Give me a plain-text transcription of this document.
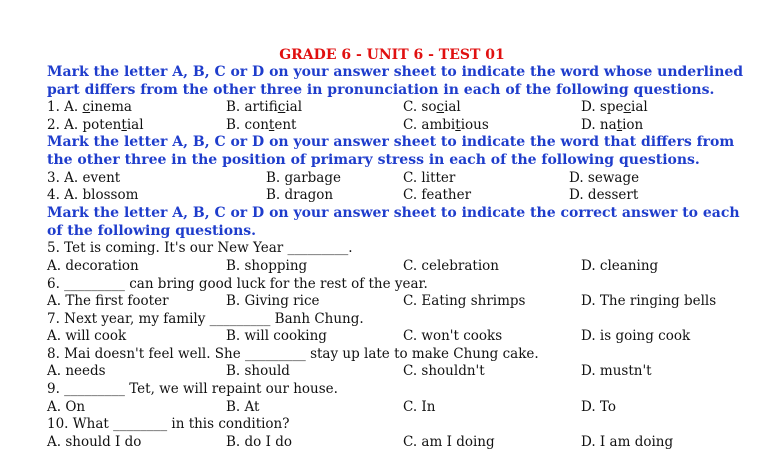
GRADE 6 - UNIT 6 - TEST 01
Mark the letter A, B, C or D on your answer sheet to indicate the word whose underlined part differs from the other three in pronunciation in each of the following questions.
1. A. cinema	B. artificial	C. social	D. special
2. A. potential	B. content	C. ambitious	D. nation
Mark the letter A, B, C or D on your answer sheet to indicate the word that differs from the other three in the position of primary stress in each of the following questions.
3. A. event	B. garbage	C. litter	D. sewage
4. A. blossom	B. dragon	C. feather	D. dessert
Mark the letter A, B, C or D on your answer sheet to indicate the correct answer to each of the following questions.
5. Tet is coming. It's our New Year _________.
A. decoration	B. shopping	C. celebration	D. cleaning
6. _________ can bring good luck for the rest of the year.
A. The first footer	B. Giving rice	C. Eating shrimps	D. The ringing bells
7. Next year, my family _________ Banh Chung.
A. will cook	B. will cooking	C. won't cooks	D. is going cook
8. Mai doesn't feel well. She _________ stay up late to make Chung cake.
A. needs	B. should	C. shouldn't	D. mustn't
9. _________ Tet, we will repaint our house.
A. On	B. At	C. In	D. To
10. What ________ in this condition?
A. should I do	B. do I do	C. am I doing	D. I am doing
